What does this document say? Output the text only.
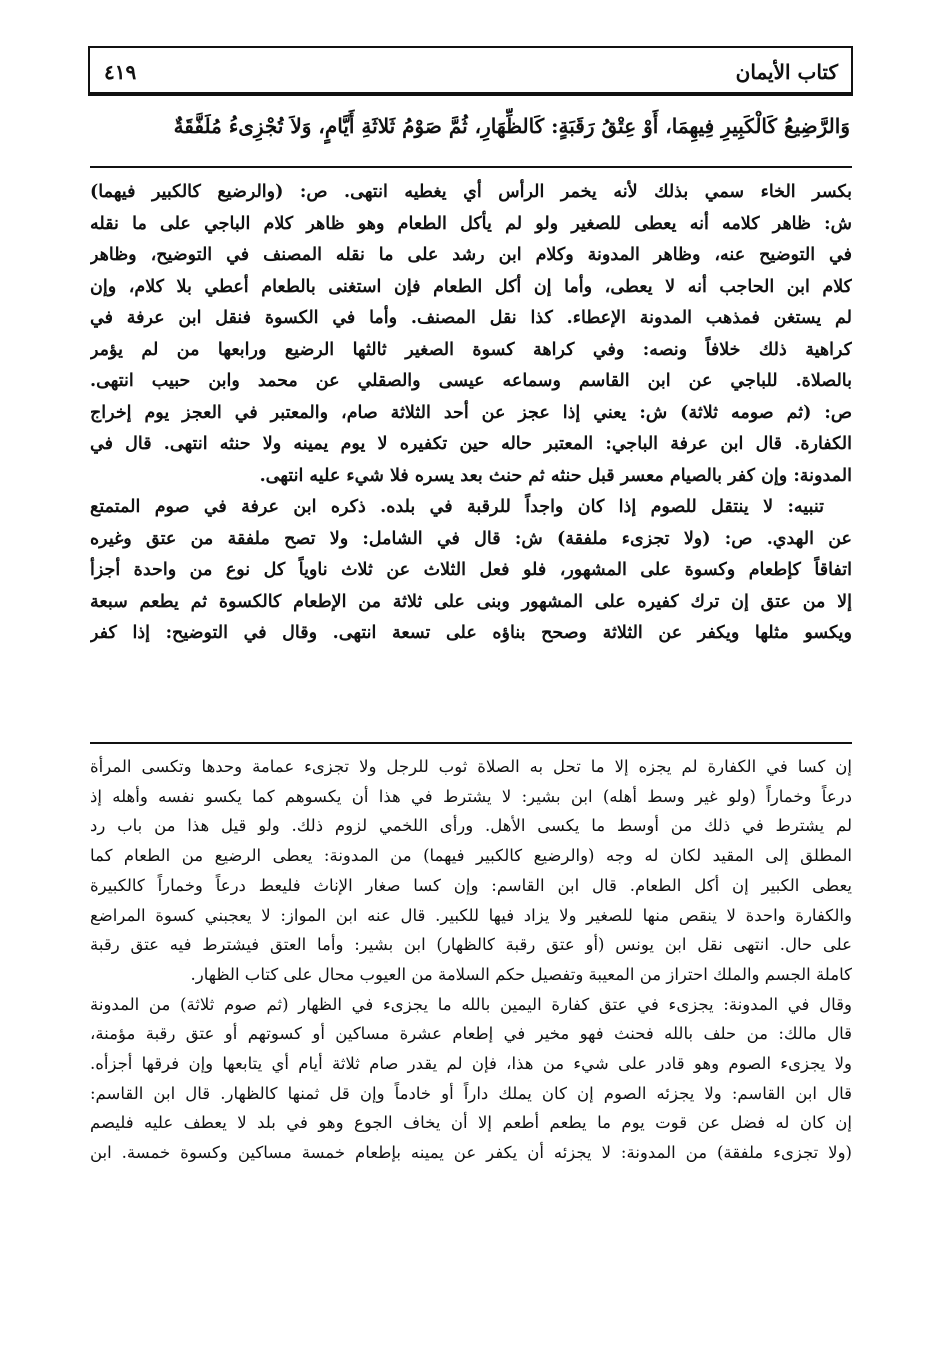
كتاب الأيمان
٤١٩
وَالرَّضِيعُ كَالْكَبِيرِ فِيهِمَا، أَوْ عِتْقُ رَقَبَةٍ: كَالظِّهَارِ، ثُمَّ صَوْمُ ثَلاثَةِ أَيَّامٍ، وَلاَ تُجْزِىءُ مُلَفَّقَةٌ
بكسر الخاء سمي بذلك لأنه يخمر الرأس أي يغطيه انتهى. ص: (والرضيع كالكبير فيهما)
ش: ظاهر كلامه أنه يعطى للصغير ولو لم يأكل الطعام وهو ظاهر كلام الباجي على ما نقله
في التوضيح عنه، وظاهر المدونة وكلام ابن رشد على ما نقله المصنف في التوضيح، وظاهر
كلام ابن الحاجب أنه لا يعطى، وأما إن أكل الطعام فإن استغنى بالطعام أعطي بلا كلام، وإن
لم يستغن فمذهب المدونة الإعطاء. كذا نقل المصنف. وأما في الكسوة فنقل ابن عرفة في
كراهية ذلك خلافاً ونصه: وفي كراهة كسوة الصغير ثالثها الرضيع ورابعها من لم يؤمر
بالصلاة. للباجي عن ابن القاسم وسماعه عيسى والصقلي عن محمد وابن حبيب انتهى.
ص: (ثم صومه ثلاثة) ش: يعني إذا عجز عن أحد الثلاثة صام، والمعتبر في العجز يوم إخراج
الكفارة. قال ابن عرفة الباجي: المعتبر حاله حين تكفيره لا يوم يمينه ولا حنثه انتهى. قال في
المدونة: وإن كفر بالصيام معسر قبل حنثه ثم حنث بعد يسره فلا شيء عليه انتهى.
تنبيه: لا ينتقل للصوم إذا كان واجداً للرقبة في بلده. ذكره ابن عرفة في صوم المتمتع
عن الهدي. ص: (ولا تجزىء ملفقة) ش: قال في الشامل: ولا تصح ملفقة من عتق وغيره
اتفاقاً كإطعام وكسوة على المشهور، فلو فعل الثلاث عن ثلاث ناوياً كل نوع من واحدة أجزأ
إلا من عتق إن ترك كفيره على المشهور وبنى على ثلاثة من الإطعام كالكسوة ثم يطعم سبعة
ويكسو مثلها ويكفر عن الثلاثة وصحح بناؤه على تسعة انتهى. وقال في التوضيح: إذا كفر
إن كسا في الكفارة لم يجزه إلا ما تحل به الصلاة ثوب للرجل ولا تجزىء عمامة وحدها وتكسى المرأة
درعاً وخماراً (ولو غير وسط أهله) ابن بشير: لا يشترط في هذا أن يكسوهم كما يكسو نفسه وأهله إذ
لم يشترط في ذلك من أوسط ما يكسى الأهل. ورأى اللخمي لزوم ذلك. ولو قيل هذا من باب رد
المطلق إلى المقيد لكان له وجه (والرضيع كالكبير فيهما) من المدونة: يعطى الرضيع من الطعام كما
يعطى الكبير إن أكل الطعام. قال ابن القاسم: وإن كسا صغار الإناث فليعط درعاً وخماراً كالكبيرة
والكفارة واحدة لا ينقص منها للصغير ولا يزاد فيها للكبير. قال عنه ابن المواز: لا يعجبني كسوة المراضع
على حال. انتهى نقل ابن يونس (أو عتق رقبة كالظهار) ابن بشير: وأما العتق فيشترط فيه عتق رقبة
كاملة الجسم والملك احتراز من المعيبة وتفصيل حكم السلامة من العيوب محال على كتاب الظهار.
وقال في المدونة: يجزىء في عتق كفارة اليمين بالله ما يجزىء في الظهار (ثم صوم ثلاثة) من المدونة
قال مالك: من حلف بالله فحنث فهو مخير في إطعام عشرة مساكين أو كسوتهم أو عتق رقبة مؤمنة،
ولا يجزىء الصوم وهو قادر على شيء من هذا، فإن لم يقدر صام ثلاثة أيام أي يتابعها وإن فرقها أجزأه.
قال ابن القاسم: ولا يجزئه الصوم إن كان يملك داراً أو خادماً وإن قل ثمنها كالظهار. قال ابن القاسم:
إن كان له فضل عن قوت يوم ما يطعم أطعم إلا أن يخاف الجوع وهو في بلد لا يعطف عليه فليصم
(ولا تجزىء ملفقة) من المدونة: لا يجزئه أن يكفر عن يمينه بإطعام خمسة مساكين وكسوة خمسة. ابن
